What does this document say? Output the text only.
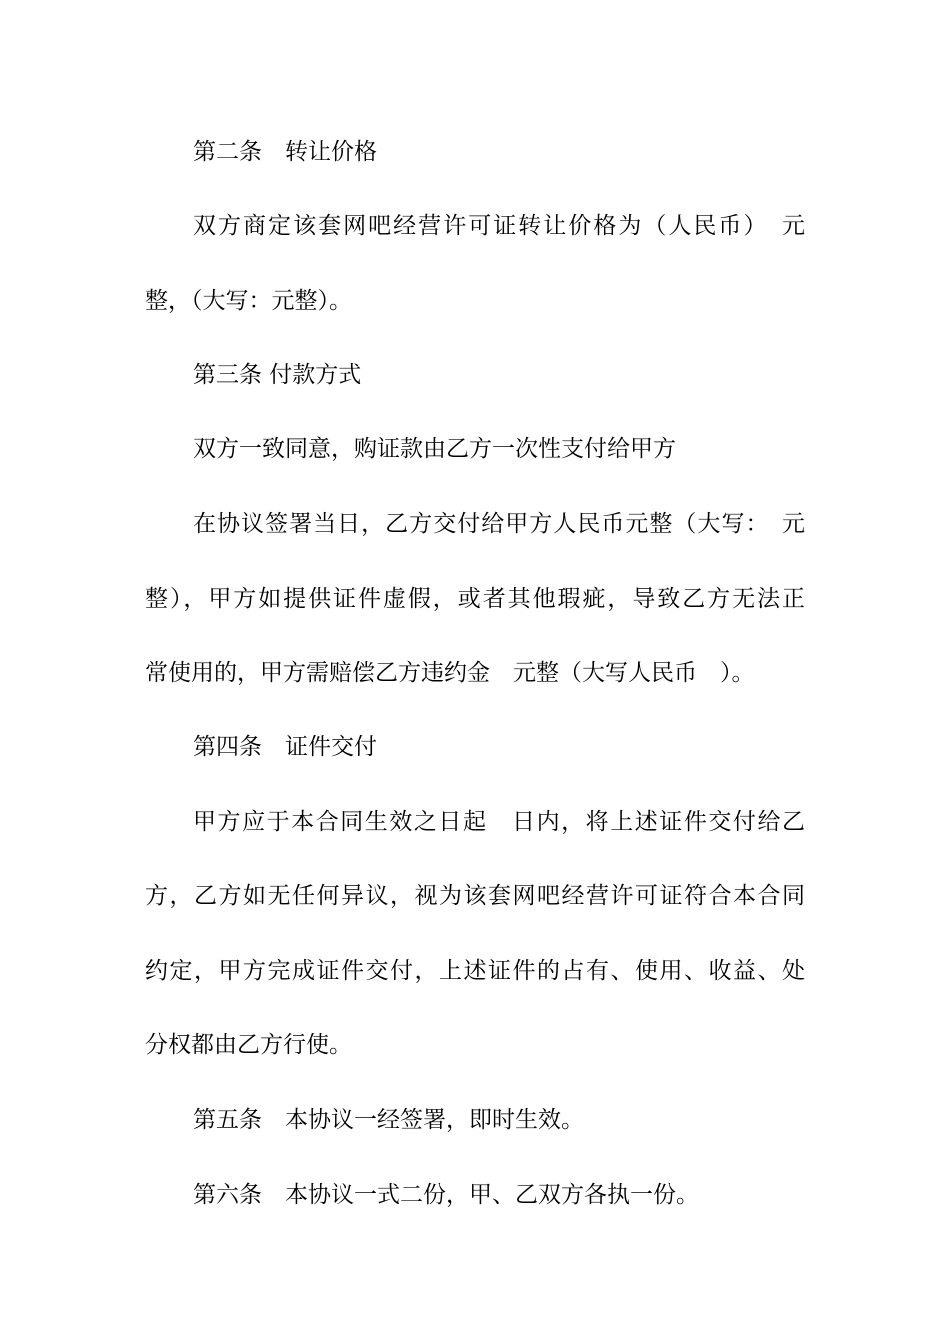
第二条　转让价格

双方商定该套网吧经营许可证转让价格为（人民币）　元

整，（大写：元整）。

第三条 付款方式

双方一致同意，购证款由乙方一次性支付给甲方

在协议签署当日，乙方交付给甲方人民币元整（大写：　元

整），甲方如提供证件虚假，或者其他瑕疵，导致乙方无法正

常使用的，甲方需赔偿乙方违约金　元整（大写人民币　）。

第四条　证件交付

甲方应于本合同生效之日起　日内，将上述证件交付给乙

方，乙方如无任何异议，视为该套网吧经营许可证符合本合同

约定，甲方完成证件交付，上述证件的占有、使用、收益、处

分权都由乙方行使。

第五条　本协议一经签署，即时生效。

第六条　本协议一式二份，甲、乙双方各执一份。
